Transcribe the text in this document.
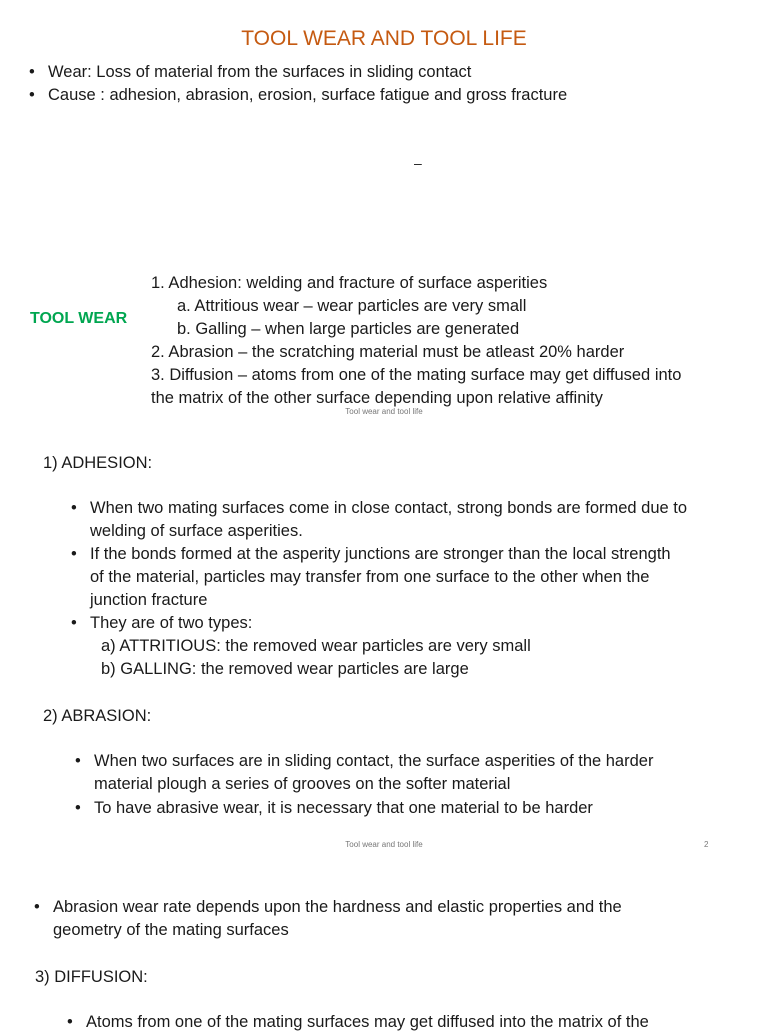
TOOL WEAR AND TOOL LIFE
• Wear: Loss of material from the surfaces in sliding contact
• Cause : adhesion, abrasion, erosion, surface fatigue and gross fracture
–
TOOL WEAR
1. Adhesion: welding and fracture of surface asperities
a. Attritious wear – wear particles are very small
b. Galling – when large particles are generated
2. Abrasion – the scratching material must be atleast 20% harder
3. Diffusion – atoms from one of the mating surface may get diffused into
the matrix of the other surface depending upon relative affinity
Tool wear and tool life
1) ADHESION:
• When two mating surfaces come in close contact, strong bonds are formed due to
welding of surface asperities.
• If the bonds formed at the asperity junctions are stronger than the local strength
of the material, particles may transfer from one surface to the other when the
junction fracture
• They are of two types:
a) ATTRITIOUS: the removed wear particles are very small
b) GALLING: the removed wear particles are large
2) ABRASION:
• When two surfaces are in sliding contact, the surface asperities of the harder
material plough a series of grooves on the softer material
• To have abrasive wear, it is necessary that one material to be harder
Tool wear and tool life	2
• Abrasion wear rate depends upon the hardness and elastic properties and the
geometry of the mating surfaces
3) DIFFUSION:
• Atoms from one of the mating surfaces may get diffused into the matrix of the
